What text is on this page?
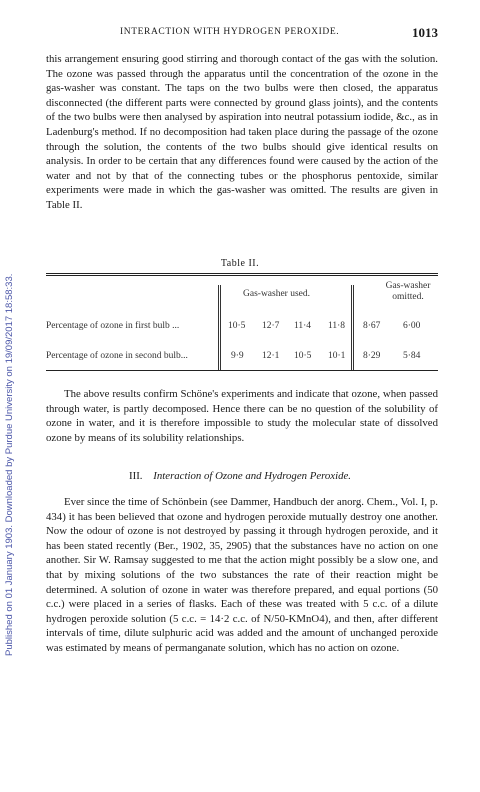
Published on 01 January 1903. Downloaded by Purdue University on 19/09/2017 18:58:33.
INTERACTION WITH HYDROGEN PEROXIDE.	1013

this arrangement ensuring good stirring and thorough contact of the gas with the solution. The ozone was passed through the apparatus until the concentration of the ozone in the gas-washer was constant. The taps on the two bulbs were then closed, the apparatus disconnected (the different parts were connected by ground glass joints), and the contents of the two bulbs were then analysed by aspiration into neutral potassium iodide, &c., as in Ladenburg's method. If no decomposition had taken place during the passage of the ozone through the solution, the contents of the two bulbs should give identical results on analysis. In order to be certain that any differences found were caused by the action of the water and not by that of the connecting tubes or the phosphorus pentoxide, similar experiments were made in which the gas-washer was omitted. The results are given in Table II.

Table II.
Gas-washer used.
Gas-washer omitted.
Percentage of ozone in first bulb ...	10·5 12·7 11·4 11·8 8·67 6·00
Percentage of ozone in second bulb...	9·9 12·1 10·5 10·1 8·29 5·84

The above results confirm Schöne's experiments and indicate that ozone, when passed through water, is partly decomposed. Hence there can be no question of the solubility of ozone in water, and it is therefore impossible to study the molecular state of dissolved ozone by means of its solubility relationships.

III. Interaction of Ozone and Hydrogen Peroxide.

Ever since the time of Schönbein (see Dammer, Handbuch der anorg. Chem., Vol. I, p. 434) it has been believed that ozone and hydrogen peroxide mutually destroy one another. Now the odour of ozone is not destroyed by passing it through hydrogen peroxide, and it has been stated recently (Ber., 1902, 35, 2905) that the substances have no action on one another. Sir W. Ramsay suggested to me that the action might possibly be a slow one, and that by mixing solutions of the two substances the rate of their reaction might be determined. A solution of ozone in water was therefore prepared, and equal portions (50 c.c.) were placed in a series of flasks. Each of these was treated with 5 c.c. of a dilute hydrogen peroxide solution (5 c.c. = 14·2 c.c. of N/50-KMnO4), and then, after different intervals of time, dilute sulphuric acid was added and the amount of unchanged peroxide was estimated by means of permanganate solution, which has no action on ozone.
